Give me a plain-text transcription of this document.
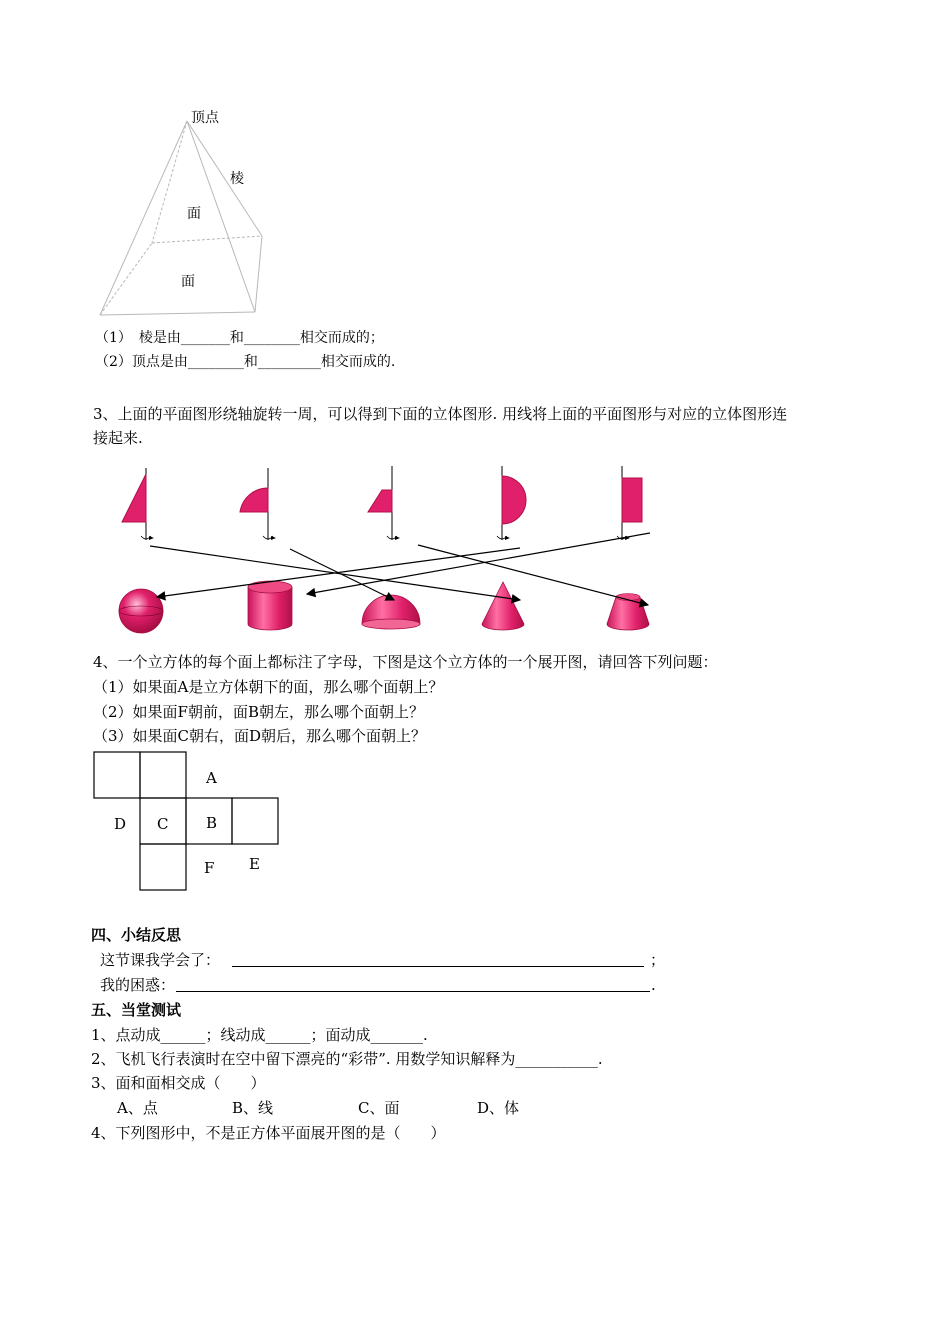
顶点
棱
面
面
（1）　棱是由_______和________相交而成的；
（2）顶点是由________和_________相交而成的.
3、上面的平面图形绕轴旋转一周，可以得到下面的立体图形. 用线将上面的平面图形与对应的立体图形连
接起来.
4、一个立方体的每个面上都标注了字母，下图是这个立方体的一个展开图，请回答下列问题：
（1）如果面A是立方体朝下的面，那么哪个面朝上？
（2）如果面F朝前，面B朝左，那么哪个面朝上？
（3）如果面C朝右，面D朝后，那么哪个面朝上？
A
D C	B
E
F
四、小结反思
这节课我学会了：	；
我的困惑：	.
五、当堂测试
1、点动成______；线动成______；面动成_______.
2、飞机飞行表演时在空中留下漂亮的“彩带”. 用数学知识解释为___________.
3、面和面相交成（　　）
A、点	B、线	C、面	D、体
4、下列图形中，不是正方体平面展开图的是（　　）
